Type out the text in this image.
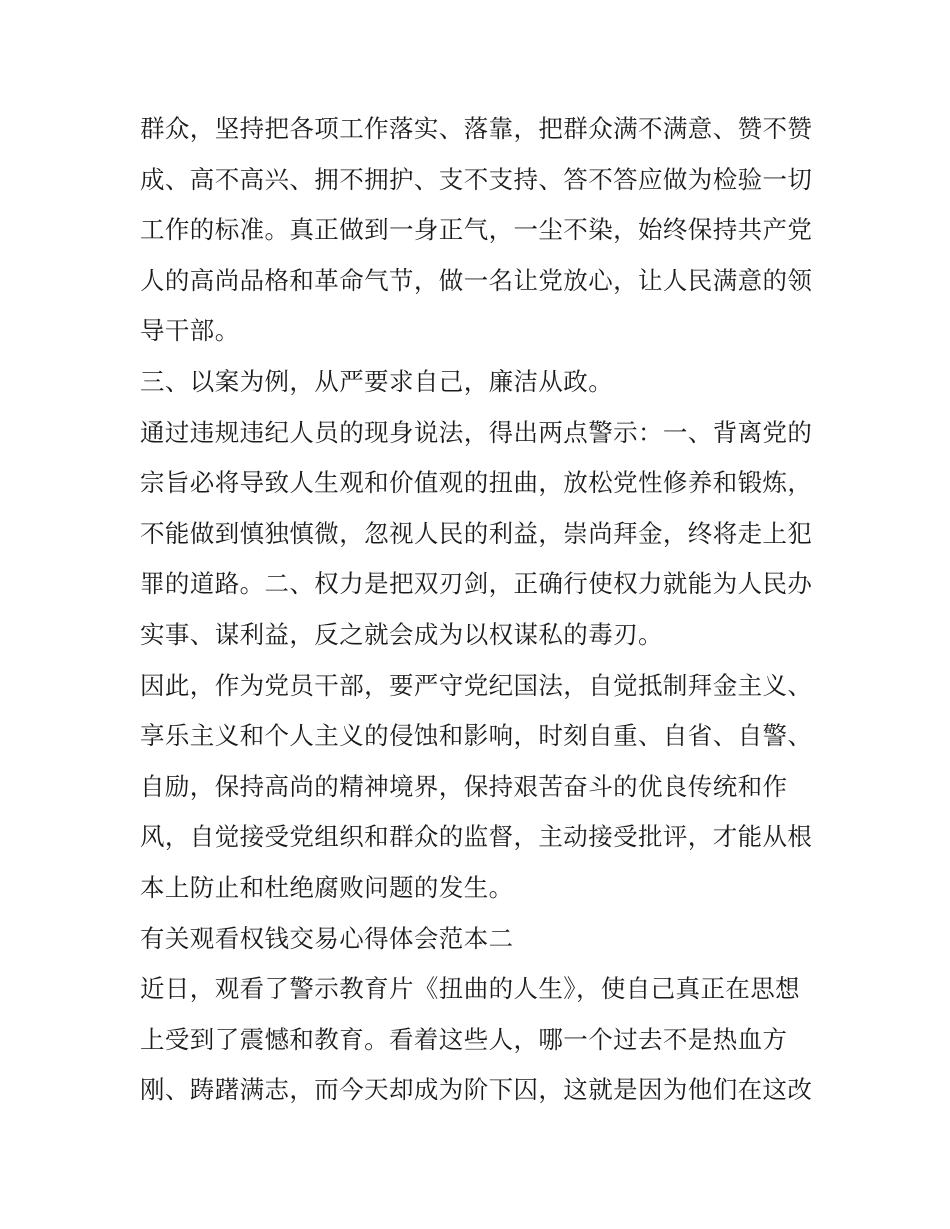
群众，坚持把各项工作落实、落靠，把群众满不满意、赞不赞
成、高不高兴、拥不拥护、支不支持、答不答应做为检验一切
工作的标准。真正做到一身正气，一尘不染，始终保持共产党
人的高尚品格和革命气节，做一名让党放心，让人民满意的领
导干部。
三、以案为例，从严要求自己，廉洁从政。
通过违规违纪人员的现身说法，得出两点警示：一、背离党的
宗旨必将导致人生观和价值观的扭曲，放松党性修养和锻炼，
不能做到慎独慎微，忽视人民的利益，崇尚拜金，终将走上犯
罪的道路。二、权力是把双刃剑，正确行使权力就能为人民办
实事、谋利益，反之就会成为以权谋私的毒刃。
因此，作为党员干部，要严守党纪国法，自觉抵制拜金主义、
享乐主义和个人主义的侵蚀和影响，时刻自重、自省、自警、
自励，保持高尚的精神境界，保持艰苦奋斗的优良传统和作
风，自觉接受党组织和群众的监督，主动接受批评，才能从根
本上防止和杜绝腐败问题的发生。
有关观看权钱交易心得体会范本二
近日，观看了警示教育片《扭曲的人生》，使自己真正在思想
上受到了震憾和教育。看着这些人，哪一个过去不是热血方
刚、踌躇满志，而今天却成为阶下囚，这就是因为他们在这改
